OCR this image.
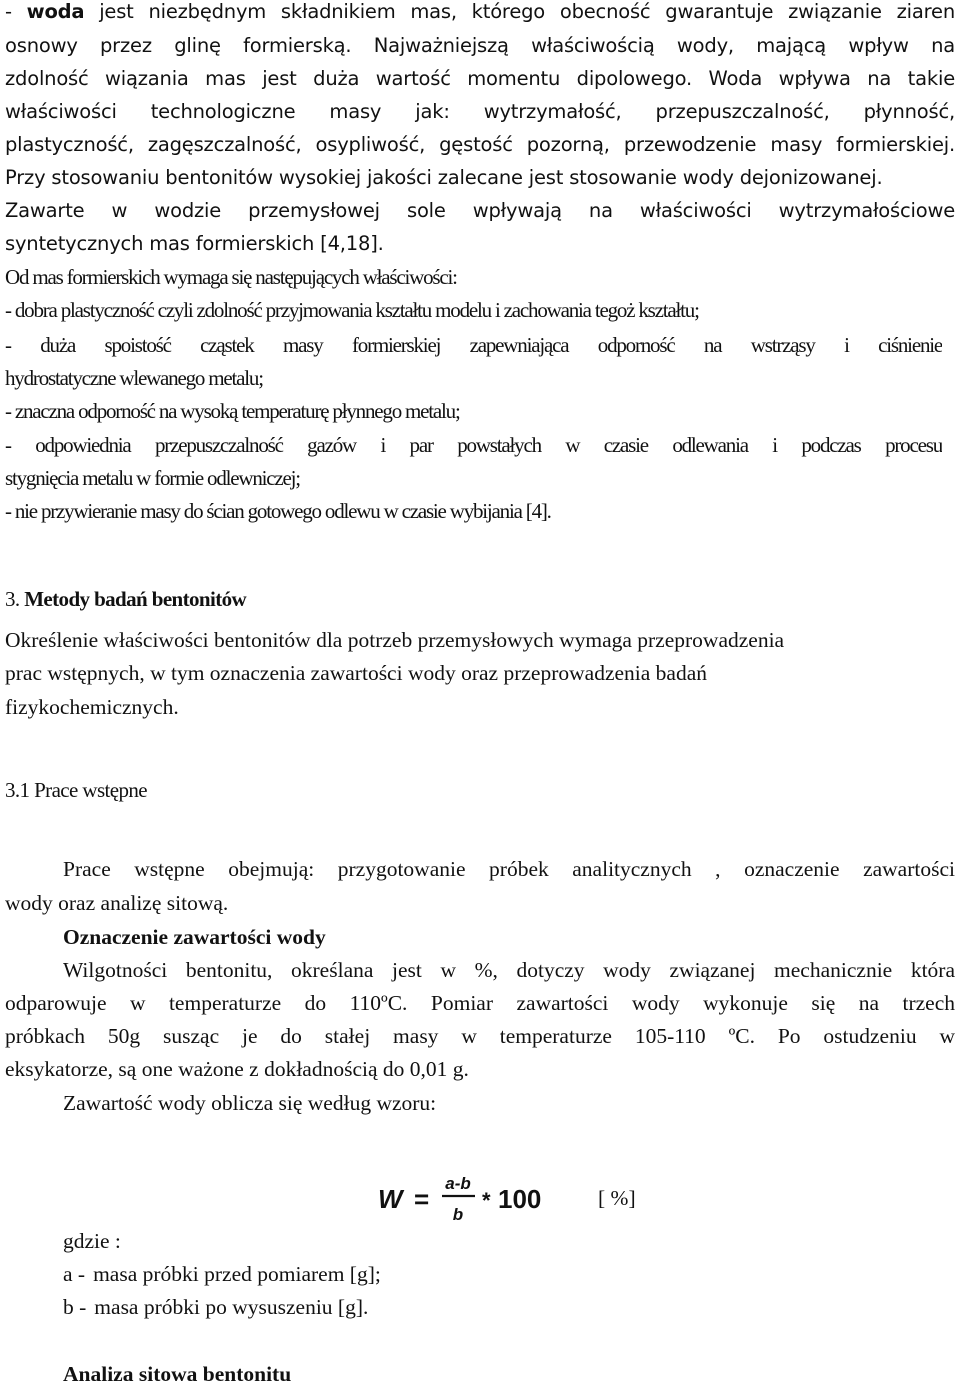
- woda jest niezbędnym składnikiem mas, którego obecność gwarantuje związanie ziaren
osnowy przez glinę formierską. Najważniejszą właściwością wody, mającą wpływ na
zdolność wiązania mas jest duża wartość momentu dipolowego. Woda wpływa na takie
właściwości technologiczne masy jak: wytrzymałość, przepuszczalność, płynność,
plastyczność, zagęszczalność, osypliwość, gęstość pozorną, przewodzenie masy formierskiej.
Przy stosowaniu bentonitów wysokiej jakości zalecane jest stosowanie wody dejonizowanej.
Zawarte w wodzie przemysłowej sole wpływają na właściwości wytrzymałościowe
syntetycznych mas formierskich [4,18].
Od mas formierskich wymaga się następujących właściwości:
- dobra plastyczność czyli zdolność przyjmowania kształtu modelu i zachowania tegoż kształtu;
- duża spoistość cząstek masy formierskiej zapewniająca odporność na wstrząsy i ciśnienie
hydrostatyczne wlewanego metalu;
- znaczna odporność na wysoką temperaturę płynnego metalu;
- odpowiednia przepuszczalność gazów i par powstałych w czasie odlewania i podczas procesu
stygnięcia metalu w formie odlewniczej;
- nie przywieranie masy do ścian gotowego odlewu w czasie wybijania [4].
3. Metody badań bentonitów
Określenie właściwości bentonitów dla potrzeb przemysłowych wymaga przeprowadzenia
prac wstępnych, w tym oznaczenia zawartości wody oraz przeprowadzenia badań
fizykochemicznych.
3.1 Prace wstępne
Prace wstępne obejmują: przygotowanie próbek analitycznych , oznaczenie zawartości
wody oraz analizę sitową.
Oznaczenie zawartości wody
Wilgotności bentonitu, określana jest w %, dotyczy wody związanej mechanicznie która
odparowuje w temperaturze do 110ºC. Pomiar zawartości wody wykonuje się na trzech
próbkach 50g susząc je do stałej masy w temperaturze 105-110 ºC. Po ostudzeniu w
eksykatorze, są one ważone z dokładnością do 0,01 g.
Zawartość wody oblicza się według wzoru:
W =
a-b
b
* 100	[ %]
gdzie :
a - masa próbki przed pomiarem [g];
b - masa próbki po wysuszeniu [g].
Analiza sitowa bentonitu
